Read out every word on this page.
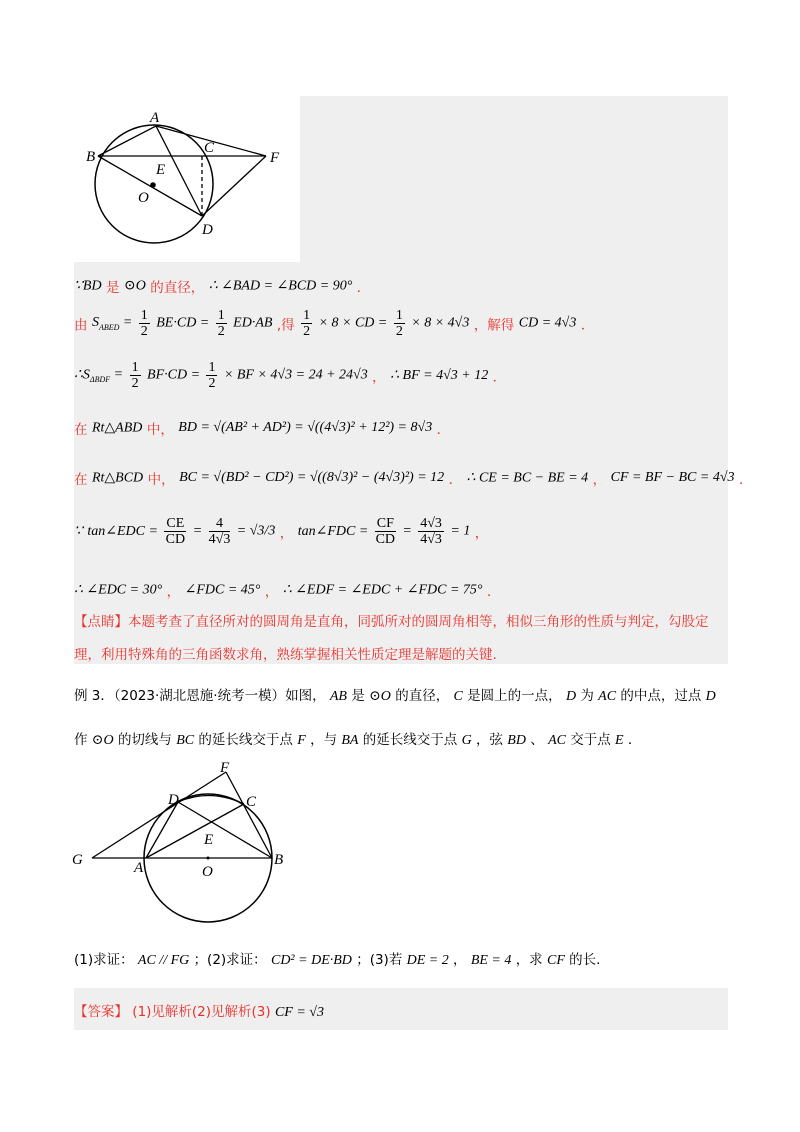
A
B
C
E
F
O
D
∵BD 是 ⊙O 的直径， ∴ ∠BAD = ∠BCD = 90° ．
由 $S_{ABED} = \frac{1}{2} BE\cdot CD = \frac{1}{2} ED\cdot AB$ ,得 $\frac{1}{2} \times 8$ × CD = $\frac{1}{2} \times 8 \times 4√3$ ，解得 CD = 4√3 ．
$\therefore S_{\Delta BDF} = \frac{1}{2} BF\cdot CD = \frac{1}{2}$ × BF × 4√3 = 24 + 24√3 ， ∴ BF = 4√3 + 12 ．
在 Rt△ABD 中， BD = √(AB² + AD²) = √((4√3)² + 12²) = 8√3 ．
在 Rt△BCD 中， BC = √(BD² − CD²) = √((8√3)² − (4√3)²) = 12 ． ∴ CE = BC − BE = 4 ， CF = BF − BC = 4√3 ．
∵ tan∠EDC = $\frac{CE}{CD} = \frac{4}{4√3} = √3/3$ ， tan∠FDC = $\frac{CF}{CD} = \frac{4√3}{4√3} = 1$ ，
∴ ∠EDC = 30° ， ∠FDC = 45° ， ∴ ∠EDF = ∠EDC + ∠FDC = 75° ．
【点睛】本题考查了直径所对的圆周角是直角，同弧所对的圆周角相等，相似三角形的性质与判定，勾股定理，利用特殊角的三角函数求角，熟练掌握相关性质定理是解题的关键.
例 3．（2023·湖北恩施·统考一模）如图， AB 是 ⊙O 的直径， C 是圆上的一点， D 为 AC 的中点，过点 D
作 ⊙O 的切线与 BC 的延长线交于点 F ，与 BA 的延长线交于点 G ，弦 BD 、 AC 交于点 E ．
F
D	C
E
G	A	O
B
(1)求证： AC // FG ；(2)求证： CD² = DE·BD ；(3)若 DE = 2 ， BE = 4 ，求 CF 的长.
【答案】 (1)见解析(2)见解析(3) CF = √3
